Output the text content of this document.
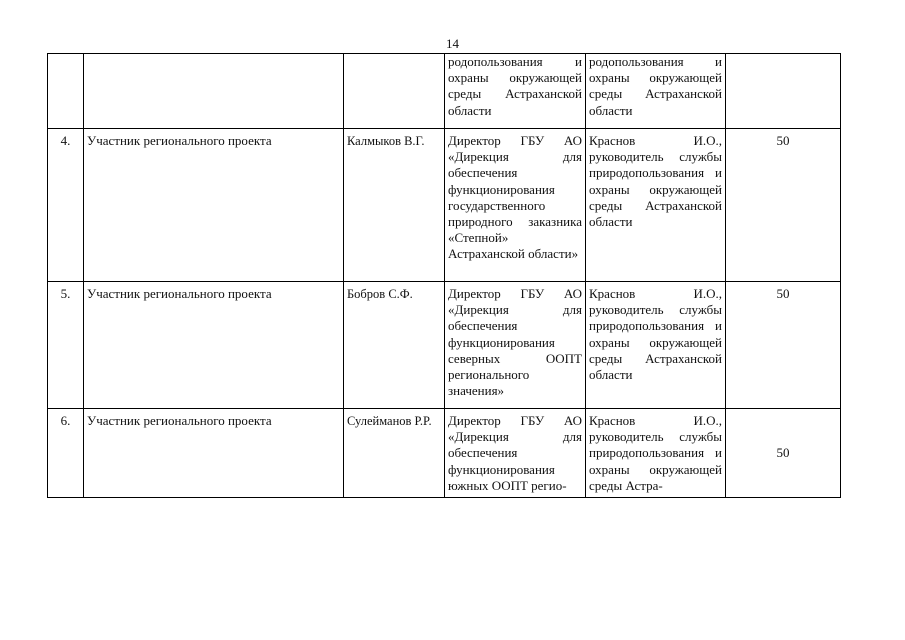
14
			родопользования и охраны окружающей среды Астраханской области	родопользования и охраны окружающей среды Астраханской области	
4.	Участник регионального проекта	Калмыков В.Г.	Директор ГБУ АО «Дирекция для обеспечения функционирования государственного природного заказника «Степной» Астраханской области»	Краснов И.О., руководитель службы природопользования и охраны окружающей среды Астраханской области	50
5.	Участник регионального проекта	Бобров С.Ф.	Директор ГБУ АО «Дирекция для обеспечения функционирования северных ООПТ регионального значения»	Краснов И.О., руководитель службы природопользования и охраны окружающей среды Астраханской области	50
6.	Участник регионального проекта	Сулейманов Р.Р.	Директор ГБУ АО «Дирекция для обеспечения функционирования южных ООПТ регио-	Краснов И.О., руководитель службы природопользования и охраны окружающей среды Астра-	50
